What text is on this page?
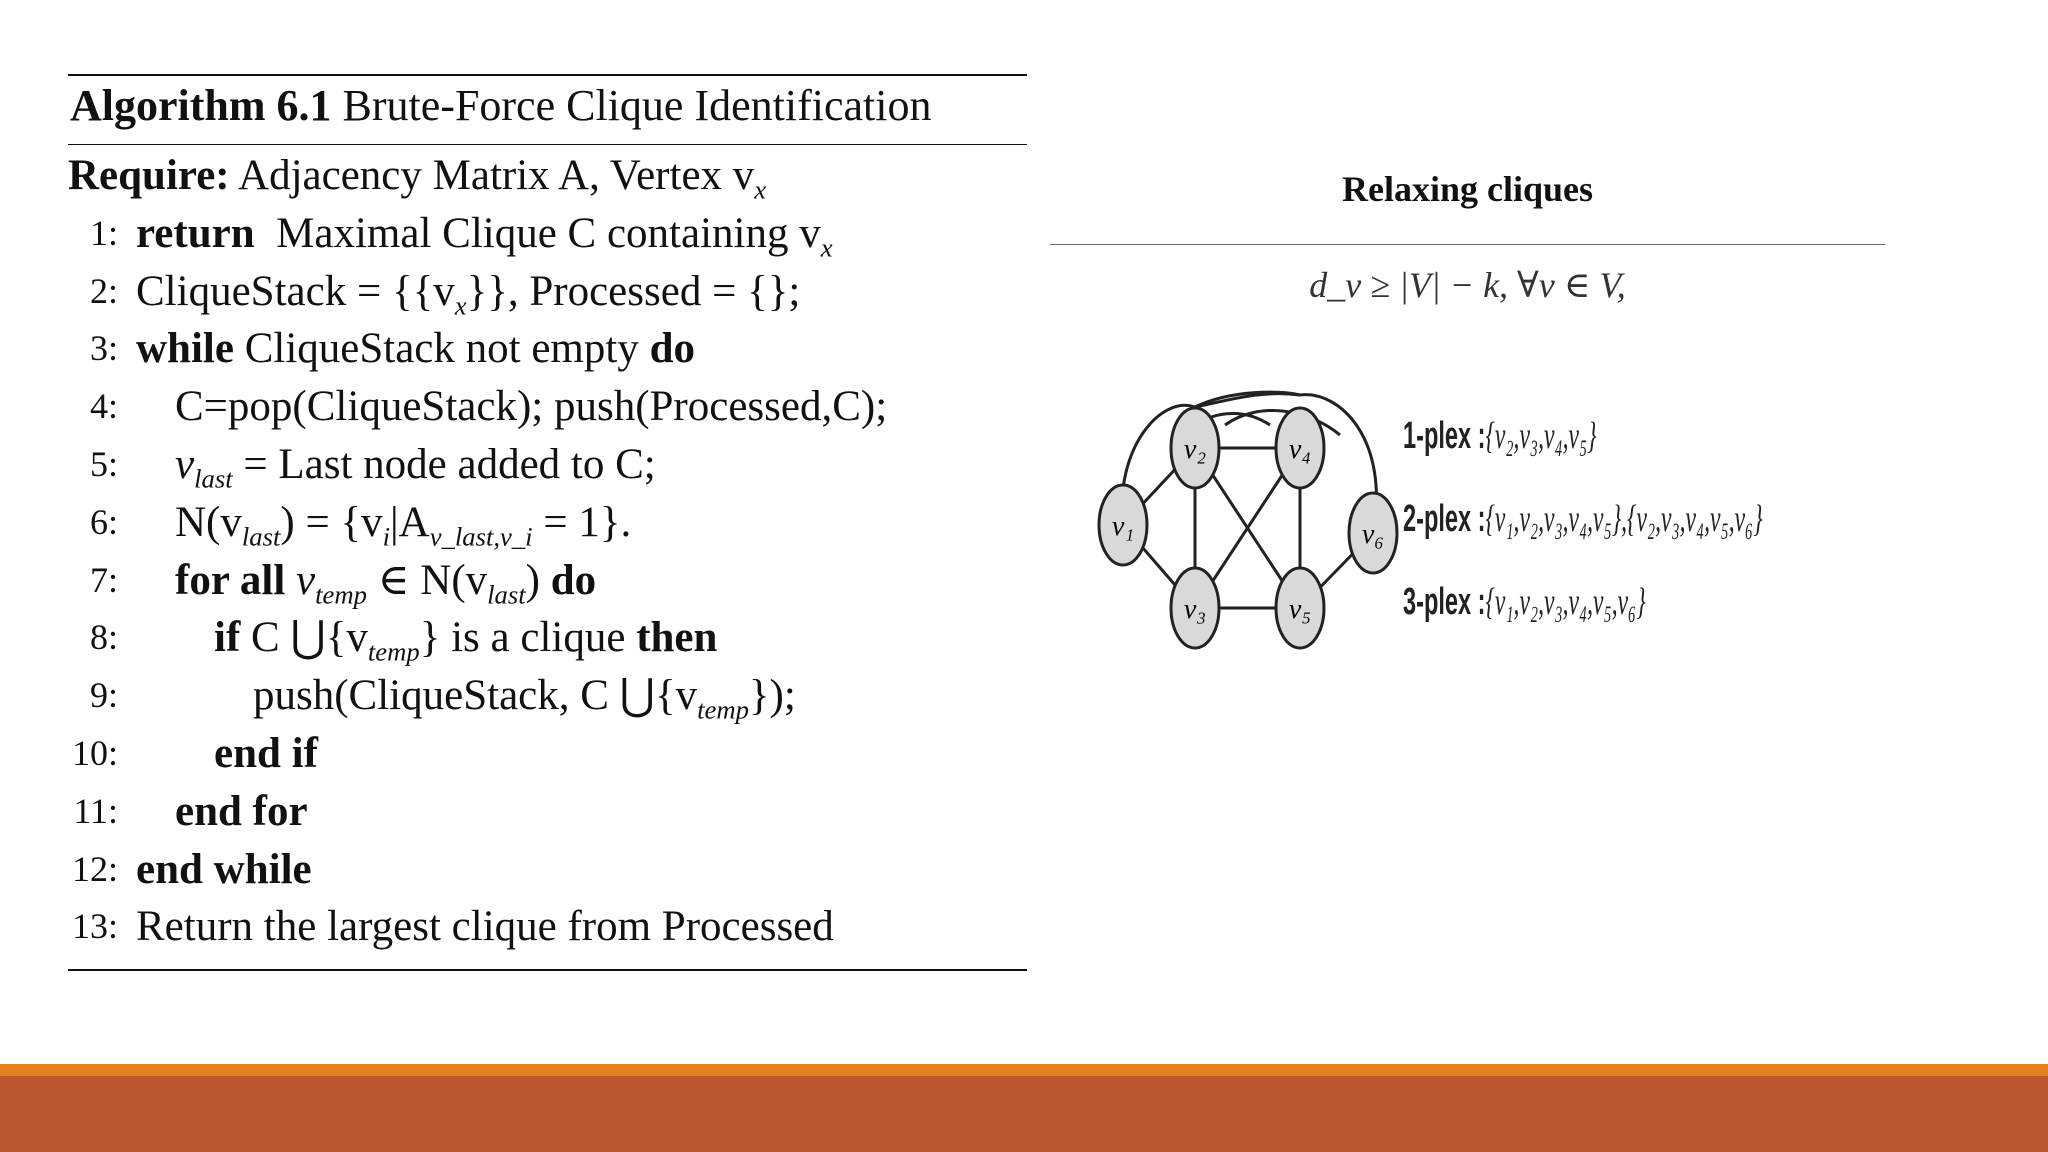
Algorithm 6.1 Brute-Force Clique Identification
Require: Adjacency Matrix A, Vertex $v_x$
1: return Maximal Clique C containing $v_x$
2: CliqueStack = $\{\{v_x\}\}$, Processed = {};
3: while CliqueStack not empty do
4: C=pop(CliqueStack); push(Processed,C);
5: $v_{last}$ = Last node added to C;
6: $N(v_{last}) = \{v_i|A_{v\_last,v\_i} = 1\}$.
7: for all $v_{temp}$ ∈ $N(v_{last})$ do
8: if C $⋃\{v_{temp}\}$ is a clique then
9:	push(CliqueStack, C $⋃\{v_{temp}\}$);
10: end if
11: end for
12: end while
13: Return the largest clique from Processed
Relaxing cliques
d_v ≥ |V| − k, ∀v ∈ V,
v₁
v₂
v₃
v₄
v₅
v₆
1-plex :{v₂,v₃,v₄,v₅}
2-plex :{v₁,v₂,v₃,v₄,v₅},{v₂,v₃,v₄,v₅,v₆}
3-plex :{v₁,v₂,v₃,v₄,v₅,v₆}
